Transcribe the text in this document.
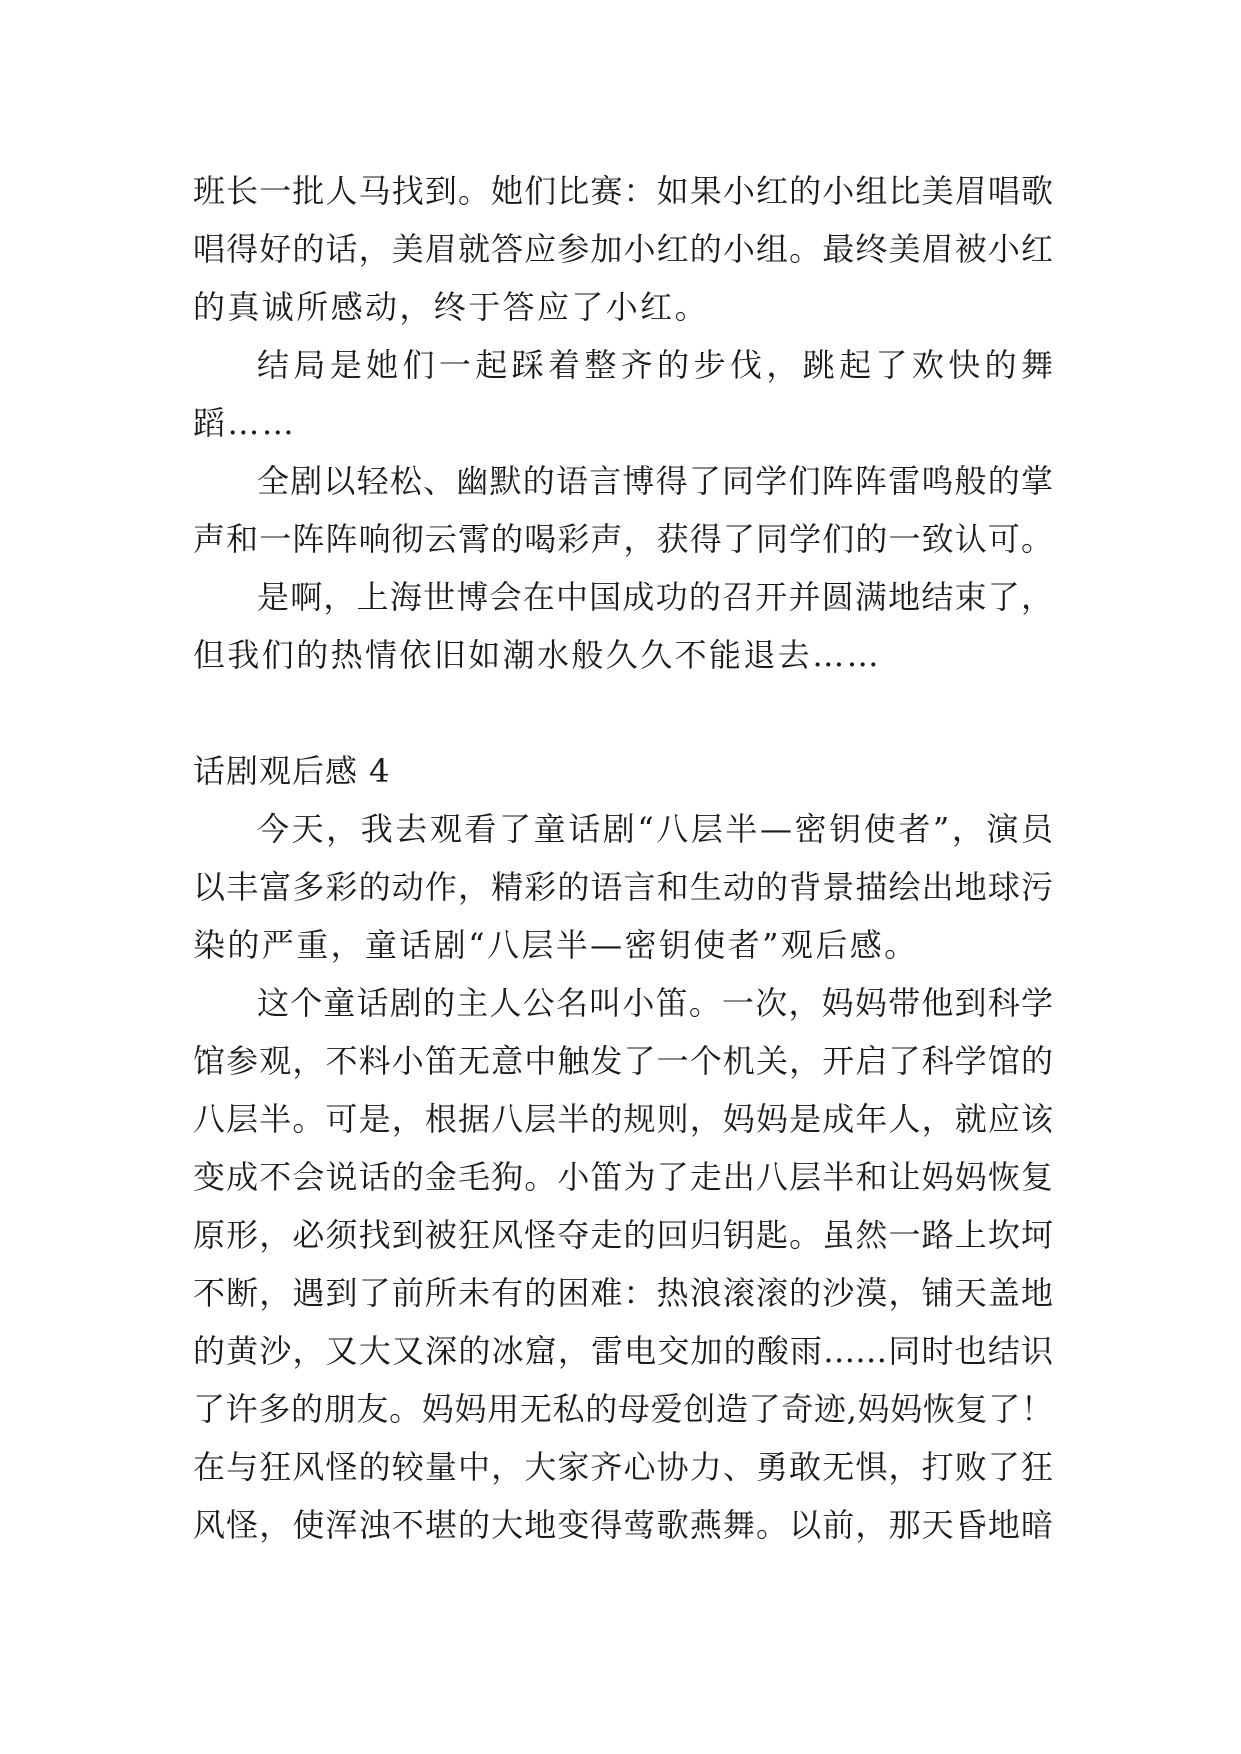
班长一批人马找到。她们比赛：如果小红的小组比美眉唱歌
唱得好的话，美眉就答应参加小红的小组。最终美眉被小红
的真诚所感动，终于答应了小红。
结局是她们一起踩着整齐的步伐，跳起了欢快的舞
蹈……
全剧以轻松、幽默的语言博得了同学们阵阵雷鸣般的掌
声和一阵阵响彻云霄的喝彩声，获得了同学们的一致认可。
是啊，上海世博会在中国成功的召开并圆满地结束了，
但我们的热情依旧如潮水般久久不能退去……
话剧观后感 4
今天，我去观看了童话剧“八层半—密钥使者”，演员
以丰富多彩的动作，精彩的语言和生动的背景描绘出地球污
染的严重，童话剧“八层半—密钥使者”观后感。
这个童话剧的主人公名叫小笛。一次，妈妈带他到科学
馆参观，不料小笛无意中触发了一个机关，开启了科学馆的
八层半。可是，根据八层半的规则，妈妈是成年人，就应该
变成不会说话的金毛狗。小笛为了走出八层半和让妈妈恢复
原形，必须找到被狂风怪夺走的回归钥匙。虽然一路上坎坷
不断，遇到了前所未有的困难：热浪滚滚的沙漠，铺天盖地
的黄沙，又大又深的冰窟，雷电交加的酸雨……同时也结识
了许多的朋友。妈妈用无私的母爱创造了奇迹,妈妈恢复了！
在与狂风怪的较量中，大家齐心协力、勇敢无惧，打败了狂
风怪，使浑浊不堪的大地变得莺歌燕舞。以前，那天昏地暗
